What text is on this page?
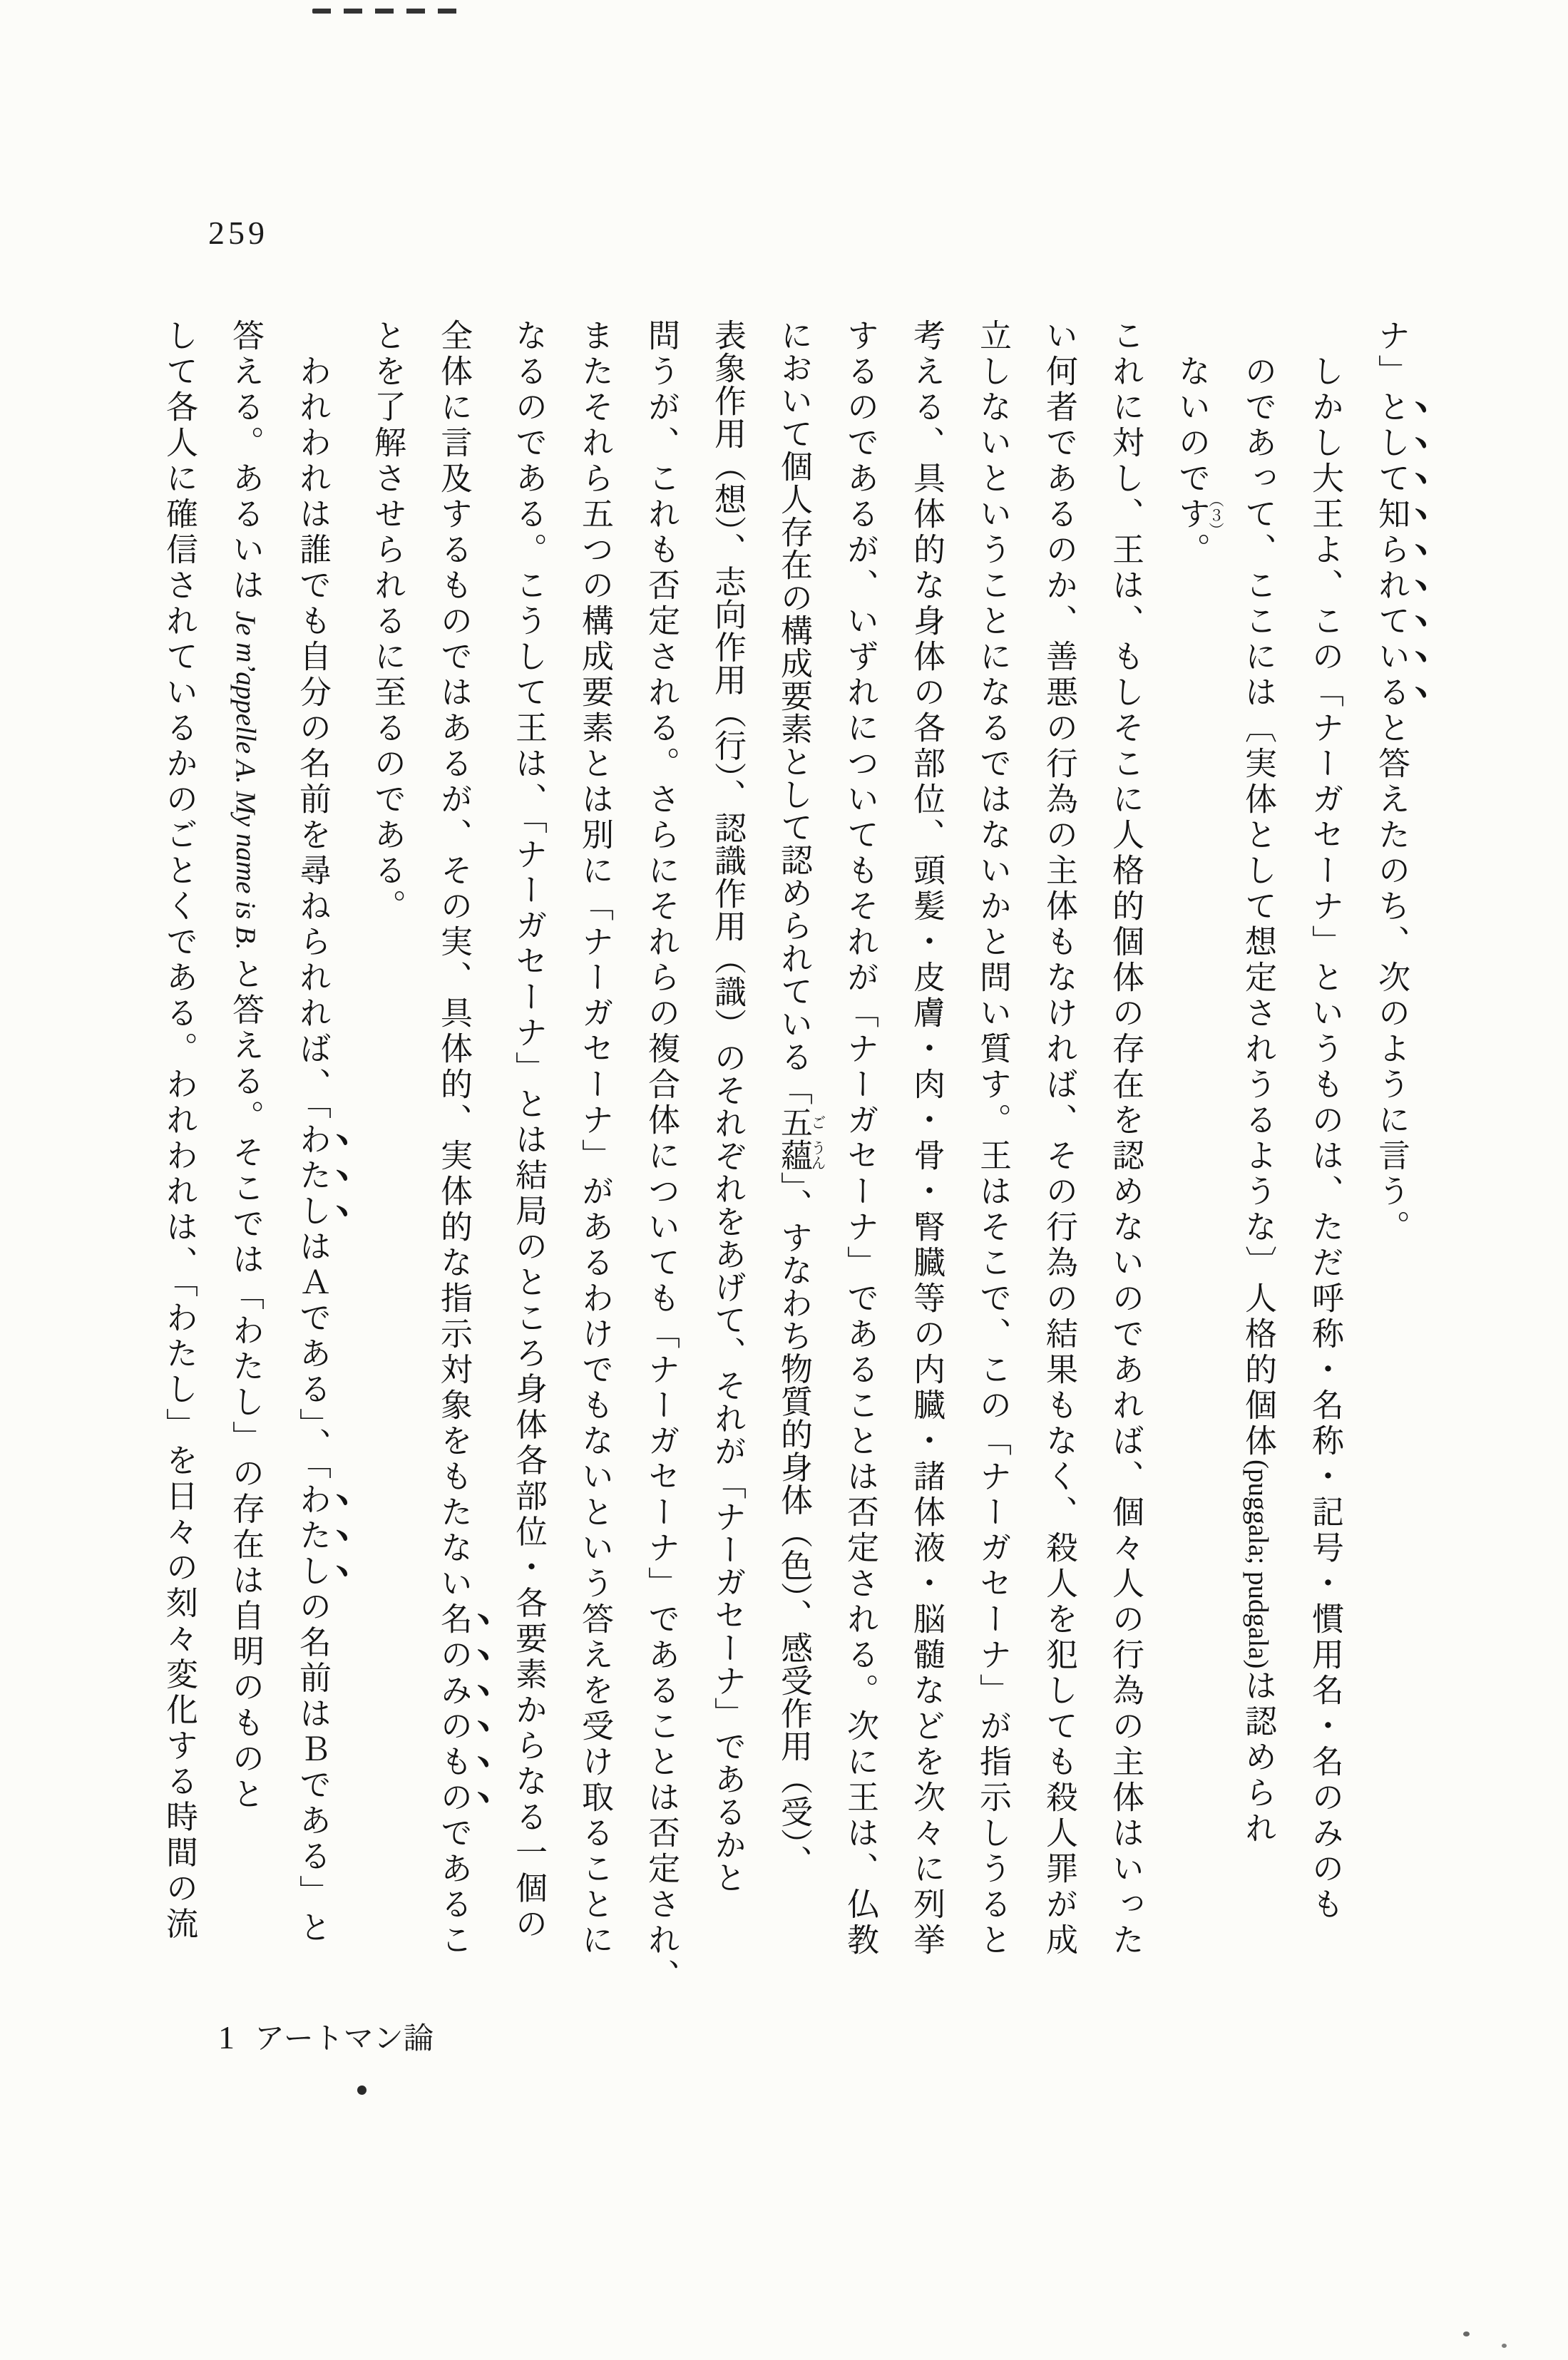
259
ナ」として知られていると答えたのち、次のように言う。
しかし大王よ、この「ナーガセーナ」というものは、ただ呼称・名称・記号・慣用名・名のみのも
のであって、ここには〔実体として想定されうるような〕人格的個体(puggala; pudgala)は認められ
ないのです（３）。
これに対し、王は、もしそこに人格的個体の存在を認めないのであれば、個々人の行為の主体はいった
い何者であるのか、善悪の行為の主体もなければ、その行為の結果もなく、殺人を犯しても殺人罪が成
立しないということになるではないかと問い質す。王はそこで、この「ナーガセーナ」が指示しうると
考える、具体的な身体の各部位、頭髪・皮膚・肉・骨・腎臓等の内臓・諸体液・脳髄などを次々に列挙
するのであるが、いずれについてもそれが「ナーガセーナ」であることは否定される。次に王は、仏教
において個人存在の構成要素として認められている「五ご蘊うん」、すなわち物質的身体（色）、感受作用（受）、
表象作用（想）、志向作用（行）、認識作用（識）のそれぞれをあげて、それが「ナーガセーナ」であるかと
問うが、これも否定される。さらにそれらの複合体についても「ナーガセーナ」であることは否定され、
またそれら五つの構成要素とは別に「ナーガセーナ」があるわけでもないという答えを受け取ることに
なるのである。こうして王は、「ナーガセーナ」とは結局のところ身体各部位・各要素からなる一個の
全体に言及するものではあるが、その実、具体的、実体的な指示対象をもたない名のみのものであるこ
とを了解させられるに至るのである。
われわれは誰でも自分の名前を尋ねられれば、「わたしはＡである」、「わたしの名前はＢである」と
答える。あるいは Je m’appelle A. My name is B. と答える。そこでは「わたし」の存在は自明のものと
して各人に確信されているかのごとくである。われわれは、「わたし」を日々の刻々変化する時間の流
1 アートマン論
